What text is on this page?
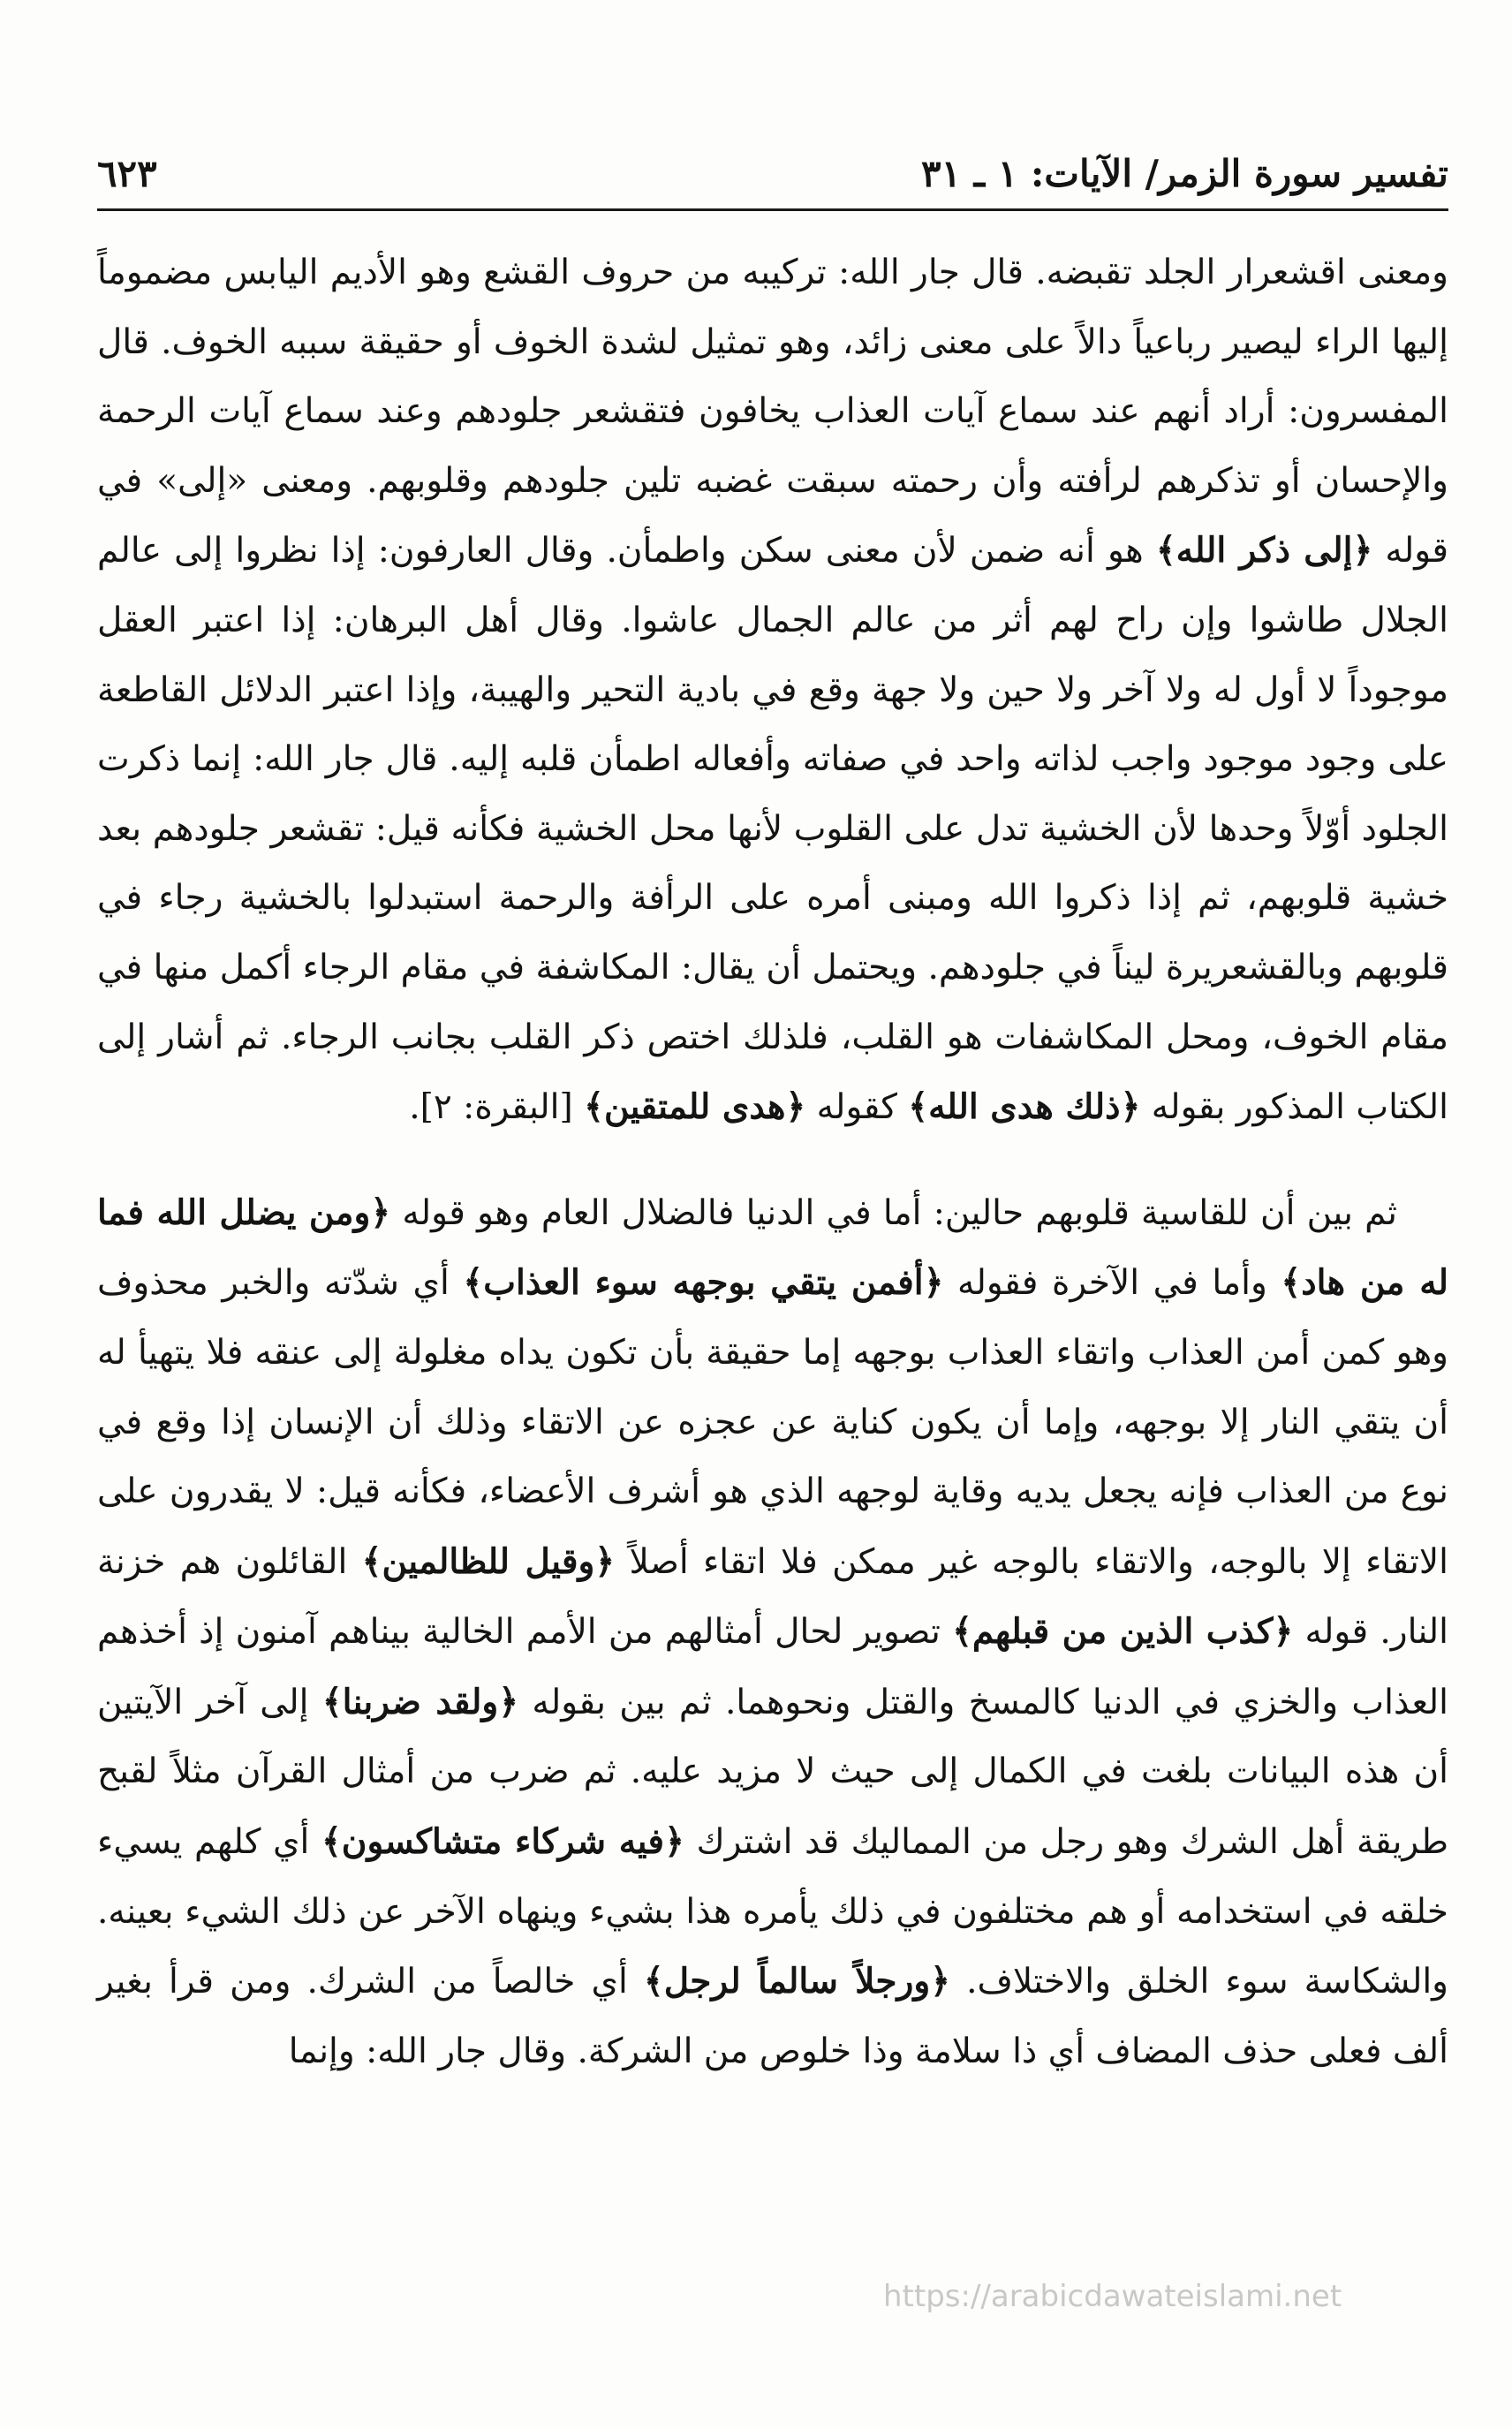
تفسير سورة الزمر/ الآيات: ١ ـ ٣١
٦٢٣

ومعنى اقشعرار الجلد تقبضه. قال جار الله: تركيبه من حروف القشع وهو الأديم اليابس مضموماً إليها الراء ليصير رباعياً دالاً على معنى زائد، وهو تمثيل لشدة الخوف أو حقيقة سببه الخوف. قال المفسرون: أراد أنهم عند سماع آيات العذاب يخافون فتقشعر جلودهم وعند سماع آيات الرحمة والإحسان أو تذكرهم لرأفته وأن رحمته سبقت غضبه تلين جلودهم وقلوبهم. ومعنى «إلى» في قوله ﴿إلى ذكر الله﴾ هو أنه ضمن لأن معنى سكن واطمأن. وقال العارفون: إذا نظروا إلى عالم الجلال طاشوا وإن راح لهم أثر من عالم الجمال عاشوا. وقال أهل البرهان: إذا اعتبر العقل موجوداً لا أول له ولا آخر ولا حين ولا جهة وقع في بادية التحير والهيبة، وإذا اعتبر الدلائل القاطعة على وجود موجود واجب لذاته واحد في صفاته وأفعاله اطمأن قلبه إليه. قال جار الله: إنما ذكرت الجلود أوّلاً وحدها لأن الخشية تدل على القلوب لأنها محل الخشية فكأنه قيل: تقشعر جلودهم بعد خشية قلوبهم، ثم إذا ذكروا الله ومبنى أمره على الرأفة والرحمة استبدلوا بالخشية رجاء في قلوبهم وبالقشعريرة ليناً في جلودهم. ويحتمل أن يقال: المكاشفة في مقام الرجاء أكمل منها في مقام الخوف، ومحل المكاشفات هو القلب، فلذلك اختص ذكر القلب بجانب الرجاء. ثم أشار إلى الكتاب المذكور بقوله ﴿ذلك هدى الله﴾ كقوله ﴿هدى للمتقين﴾ [البقرة: ٢].

ثم بين أن للقاسية قلوبهم حالين: أما في الدنيا فالضلال العام وهو قوله ﴿ومن يضلل الله فما له من هاد﴾ وأما في الآخرة فقوله ﴿أفمن يتقي بوجهه سوء العذاب﴾ أي شدّته والخبر محذوف وهو كمن أمن العذاب واتقاء العذاب بوجهه إما حقيقة بأن تكون يداه مغلولة إلى عنقه فلا يتهيأ له أن يتقي النار إلا بوجهه، وإما أن يكون كناية عن عجزه عن الاتقاء وذلك أن الإنسان إذا وقع في نوع من العذاب فإنه يجعل يديه وقاية لوجهه الذي هو أشرف الأعضاء، فكأنه قيل: لا يقدرون على الاتقاء إلا بالوجه، والاتقاء بالوجه غير ممكن فلا اتقاء أصلاً ﴿وقيل للظالمين﴾ القائلون هم خزنة النار. قوله ﴿كذب الذين من قبلهم﴾ تصوير لحال أمثالهم من الأمم الخالية بيناهم آمنون إذ أخذهم العذاب والخزي في الدنيا كالمسخ والقتل ونحوهما. ثم بين بقوله ﴿ولقد ضربنا﴾ إلى آخر الآيتين أن هذه البيانات بلغت في الكمال إلى حيث لا مزيد عليه. ثم ضرب من أمثال القرآن مثلاً لقبح طريقة أهل الشرك وهو رجل من المماليك قد اشترك ﴿فيه شركاء متشاكسون﴾ أي كلهم يسيء خلقه في استخدامه أو هم مختلفون في ذلك يأمره هذا بشيء وينهاه الآخر عن ذلك الشيء بعينه. والشكاسة سوء الخلق والاختلاف. ﴿ورجلاً سالماً لرجل﴾ أي خالصاً من الشرك. ومن قرأ بغير ألف فعلى حذف المضاف أي ذا سلامة وذا خلوص من الشركة. وقال جار الله: وإنما

https://arabicdawateislami.net
